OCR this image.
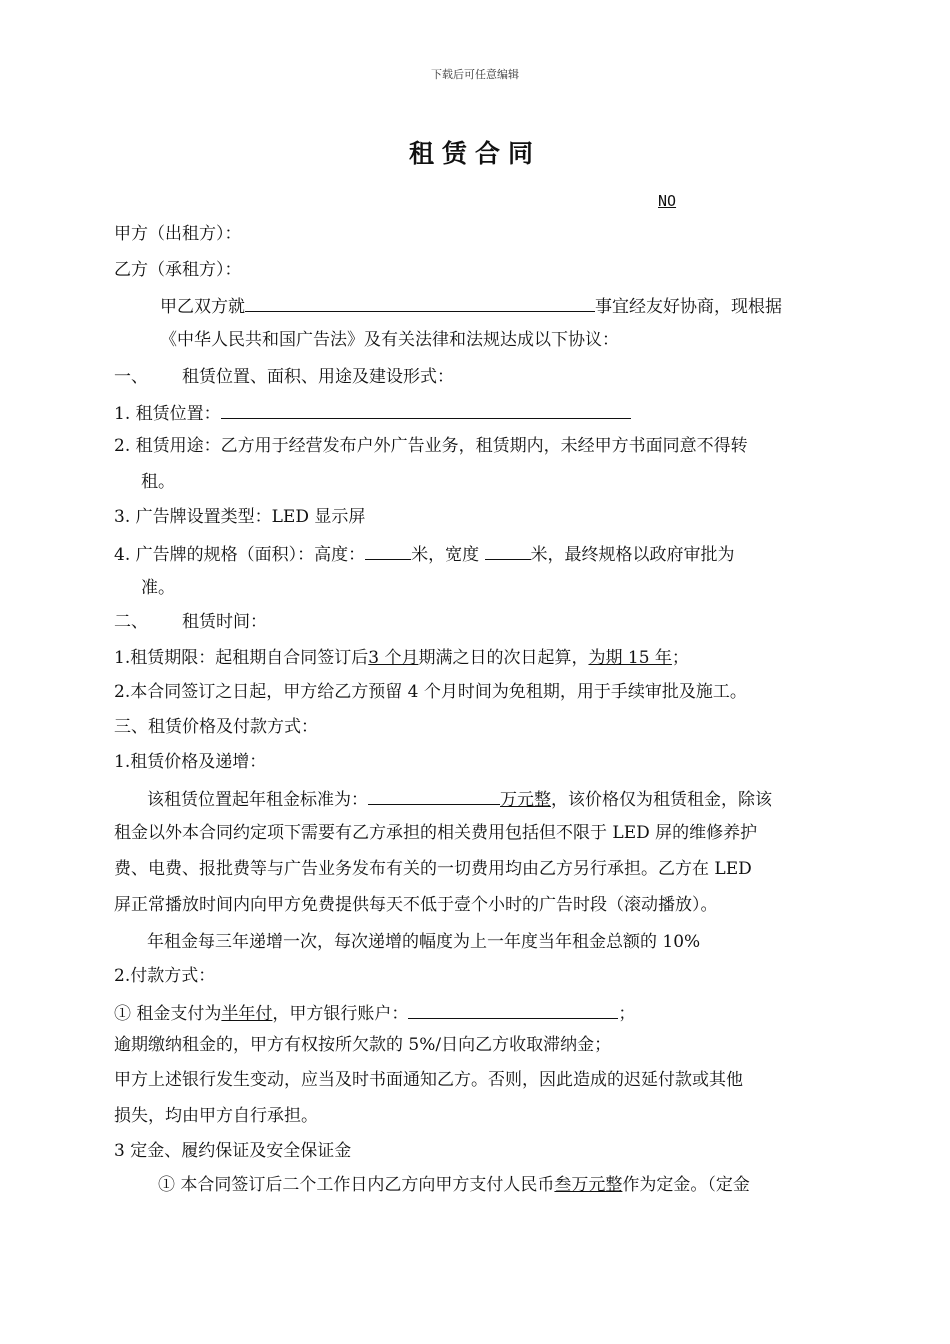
下载后可任意编辑
租赁合同
NO
甲方（出租方）：
乙方（承租方）：
甲乙双方就	事宜经友好协商，现根据
《中华人民共和国广告法》及有关法律和法规达成以下协议：
一、 租赁位置、面积、用途及建设形式：
1. 租赁位置：
2. 租赁用途：乙方用于经营发布户外广告业务，租赁期内，未经甲方书面同意不得转
租。
3. 广告牌设置类型：LED 显示屏
4. 广告牌的规格（面积）：高度：	米，宽度	米，最终规格以政府审批为
准。
二、 租赁时间：
1.租赁期限：起租期自合同签订后3 个月期满之日的次日起算，为期 15 年；
2.本合同签订之日起，甲方给乙方预留 4 个月时间为免租期，用于手续审批及施工。
三、租赁价格及付款方式：
1.租赁价格及递增：
该租赁位置起年租金标准为：	万元整，该价格仅为租赁租金，除该
租金以外本合同约定项下需要有乙方承担的相关费用包括但不限于 LED 屏的维修养护
费、电费、报批费等与广告业务发布有关的一切费用均由乙方另行承担。乙方在 LED
屏正常播放时间内向甲方免费提供每天不低于壹个小时的广告时段（滚动播放）。
年租金每三年递增一次，每次递增的幅度为上一年度当年租金总额的 10%
2.付款方式：
① 租金支付为半年付，甲方银行账户：	；
逾期缴纳租金的，甲方有权按所欠款的 5%/日向乙方收取滞纳金；
甲方上述银行发生变动，应当及时书面通知乙方。否则，因此造成的迟延付款或其他
损失，均由甲方自行承担。
3 定金、履约保证及安全保证金
① 本合同签订后二个工作日内乙方向甲方支付人民币叁万元整作为定金。（定金
